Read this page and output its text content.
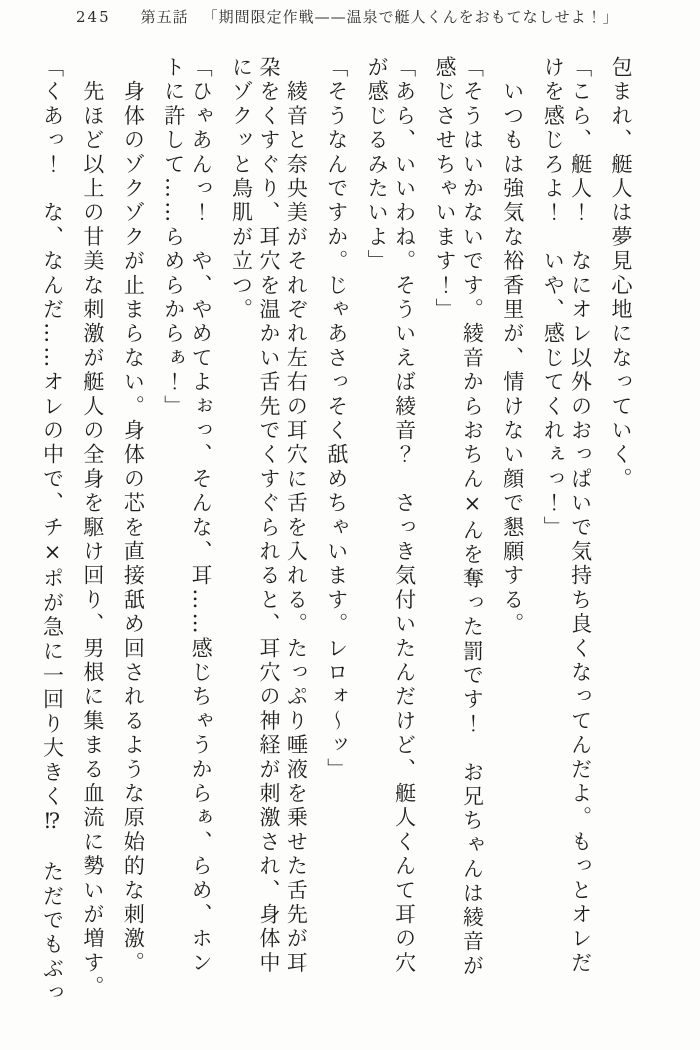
245 第五話 「期間限定作戦——温泉で艇人くんをおもてなしせよ！」
包まれ、艇人は夢見心地になっていく。
「こら、艇人！　なにオレ以外のおっぱいで気持ち良くなってんだよ。もっとオレだ
けを感じろよ！　いや、感じてくれぇっ！」
　いつもは強気な裕香里が、情けない顔で懇願する。
「そうはいかないです。綾音からおちん×んを奪った罰です！　お兄ちゃんは綾音が
感じさせちゃいます！」
「あら、いいわね。そういえば綾音？　さっき気付いたんだけど、艇人くんて耳の穴
が感じるみたいよ」
「そうなんですか。じゃあさっそく舐めちゃいます。レロォ〜ッ」
　綾音と奈央美がそれぞれ左右の耳穴に舌を入れる。たっぷり唾液を乗せた舌先が耳
朶をくすぐり、耳穴を温かい舌先でくすぐられると、耳穴の神経が刺激され、身体中
にゾクッと鳥肌が立つ。
「ひゃあんっ！　や、やめてよぉっ、そんな、耳……感じちゃうからぁ、らめ、ホン
トに許して……らめらからぁ！」
　身体のゾクゾクが止まらない。身体の芯を直接舐め回されるような原始的な刺激。
　先ほど以上の甘美な刺激が艇人の全身を駆け回り、男根に集まる血流に勢いが増す。
「くあっ！　な、なんだ……オレの中で、チ×ポが急に一回り大きく⁉　ただでもぶっ
